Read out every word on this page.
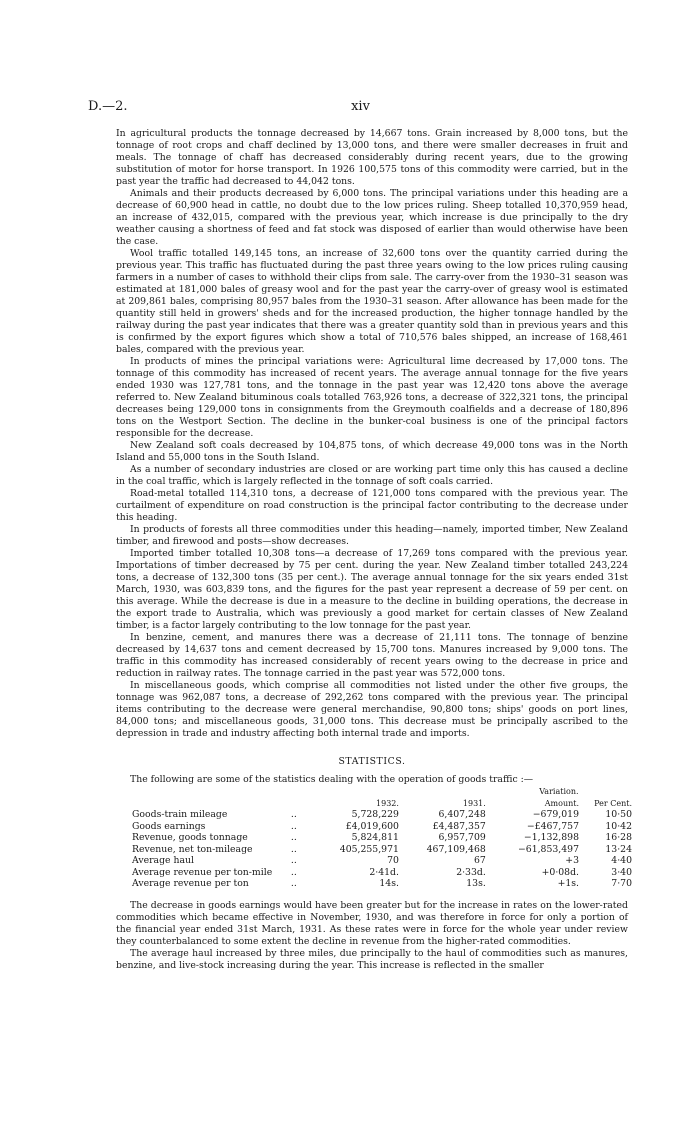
D.—2.	xiv

In agricultural products the tonnage decreased by 14,667 tons. Grain increased by 8,000 tons, but the tonnage of root crops and chaff declined by 13,000 tons, and there were smaller decreases in fruit and meals. The tonnage of chaff has decreased considerably during recent years, due to the growing substitution of motor for horse transport. In 1926 100,575 tons of this commodity were carried, but in the past year the traffic had decreased to 44,042 tons.

Animals and their products decreased by 6,000 tons. The principal variations under this heading are a decrease of 60,900 head in cattle, no doubt due to the low prices ruling. Sheep totalled 10,370,959 head, an increase of 432,015, compared with the previous year, which increase is due principally to the dry weather causing a shortness of feed and fat stock was disposed of earlier than would otherwise have been the case.

Wool traffic totalled 149,145 tons, an increase of 32,600 tons over the quantity carried during the previous year. This traffic has fluctuated during the past three years owing to the low prices ruling causing farmers in a number of cases to withhold their clips from sale. The carry-over from the 1930–31 season was estimated at 181,000 bales of greasy wool and for the past year the carry-over of greasy wool is estimated at 209,861 bales, comprising 80,957 bales from the 1930–31 season. After allowance has been made for the quantity still held in growers' sheds and for the increased production, the higher tonnage handled by the railway during the past year indicates that there was a greater quantity sold than in previous years and this is confirmed by the export figures which show a total of 710,576 bales shipped, an increase of 168,461 bales, compared with the previous year.

In products of mines the principal variations were: Agricultural lime decreased by 17,000 tons. The tonnage of this commodity has increased of recent years. The average annual tonnage for the five years ended 1930 was 127,781 tons, and the tonnage in the past year was 12,420 tons above the average referred to. New Zealand bituminous coals totalled 763,926 tons, a decrease of 322,321 tons, the principal decreases being 129,000 tons in consignments from the Greymouth coalfields and a decrease of 180,896 tons on the Westport Section. The decline in the bunker-coal business is one of the principal factors responsible for the decrease.

New Zealand soft coals decreased by 104,875 tons, of which decrease 49,000 tons was in the North Island and 55,000 tons in the South Island.

As a number of secondary industries are closed or are working part time only this has caused a decline in the coal traffic, which is largely reflected in the tonnage of soft coals carried.

Road-metal totalled 114,310 tons, a decrease of 121,000 tons compared with the previous year. The curtailment of expenditure on road construction is the principal factor contributing to the decrease under this heading.

In products of forests all three commodities under this heading—namely, imported timber, New Zealand timber, and firewood and posts—show decreases.

Imported timber totalled 10,308 tons—a decrease of 17,269 tons compared with the previous year. Importations of timber decreased by 75 per cent. during the year. New Zealand timber totalled 243,224 tons, a decrease of 132,300 tons (35 per cent.). The average annual tonnage for the six years ended 31st March, 1930, was 603,839 tons, and the figures for the past year represent a decrease of 59 per cent. on this average. While the decrease is due in a measure to the decline in building operations, the decrease in the export trade to Australia, which was previously a good market for certain classes of New Zealand timber, is a factor largely contributing to the low tonnage for the past year.

In benzine, cement, and manures there was a decrease of 21,111 tons. The tonnage of benzine decreased by 14,637 tons and cement decreased by 15,700 tons. Manures increased by 9,000 tons. The traffic in this commodity has increased considerably of recent years owing to the decrease in price and reduction in railway rates. The tonnage carried in the past year was 572,000 tons.

In miscellaneous goods, which comprise all commodities not listed under the other five groups, the tonnage was 962,087 tons, a decrease of 292,262 tons compared with the previous year. The principal items contributing to the decrease were general merchandise, 90,800 tons; ships' goods on port lines, 84,000 tons; and miscellaneous goods, 31,000 tons. This decrease must be principally ascribed to the depression in trade and industry affecting both internal trade and imports.

STATISTICS.

The following are some of the statistics dealing with the operation of goods traffic :—

				Variation.	
		1932.	1931.	Amount.	Per Cent.
Goods-train mileage	..	5,728,229	6,407,248	−679,019	10·50
Goods earnings	..	£4,019,600	£4,487,357	−£467,757	10·42
Revenue, goods tonnage	..	5,824,811	6,957,709	−1,132,898	16·28
Revenue, net ton-mileage	..	405,255,971	467,109,468	−61,853,497	13·24
Average haul	..	70	67	+3	4·40
Average revenue per ton-mile	..	2·41d.	2·33d.	+0·08d.	3·40
Average revenue per ton	..	14s.	13s.	+1s.	7·70

The decrease in goods earnings would have been greater but for the increase in rates on the lower-rated commodities which became effective in November, 1930, and was therefore in force for only a portion of the financial year ended 31st March, 1931. As these rates were in force for the whole year under review they counterbalanced to some extent the decline in revenue from the higher-rated commodities.

The average haul increased by three miles, due principally to the haul of commodities such as manures, benzine, and live-stock increasing during the year. This increase is reflected in the smaller
